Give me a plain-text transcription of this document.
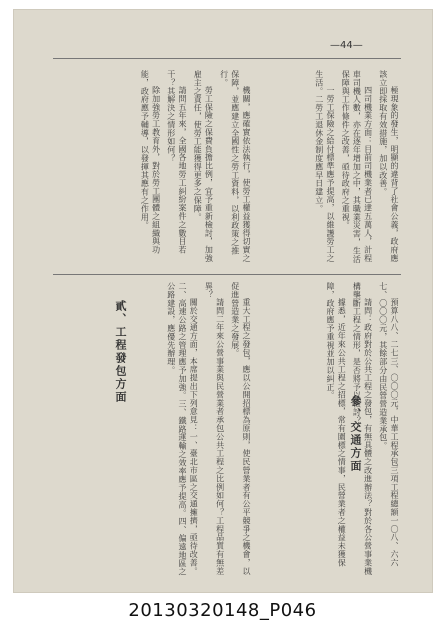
—44—

極現象的發生，明顯的違背了社會公義，政府應該立即採取有效措施，加以改善。

四司機業方面：目前司機業者已達五萬人，計程車司機人數，亦在逐年增加之中，其職業災害，生活保障與工作條件之改善，亟待政府之重視。

一勞工保險之給付標準應予提高，以維護勞工之生活。二勞工退休金制度應早日建立。

機關，應確實依法執行，使勞工權益獲得切實之保障，並應建立全國性之勞工資料，以利政策之推行。

勞工保險之保費負擔比例，宜予重新檢討，加強雇主之責任，使勞工能獲得更多之保障。

請問五年來，全國各地勞工糾紛案件之數目若干？其解決之情形如何？

除加強勞工教育外，對於勞工團體之組織與功能，政府應予輔導，以發揮其應有之作用。

預算八八、二七三、〇〇〇元，中華工程承包三項工程總額一〇八、六六七、〇〇〇元，其餘部分由民營營造業承包。

請問：政府對於公共工程之發包，有無具體之改進辦法？對於各公營事業機構壟斷工程之情形，是否將予以檢討？

據悉，近年來公共工程之招標，常有圍標之情事，民營業者之權益未獲保障，政府應予重視並加以糾正。

重大工程之發包，應以公開招標為原則，使民營業者有公平競爭之機會，以促進營造業之發展。

請問二年來公營事業與民營業者承包公共工程之比例如何？工程品質有無差異？

關於交通方面，本席提出下列意見：一、臺北市區之交通擁擠，亟待改善。二、高速公路之管理應予加強。三、鐵路運輸之效率應予提高。四、偏遠地區之公路建設，應優先辦理。

貳、工程發包方面
參、交通方面
20130320148_P046
